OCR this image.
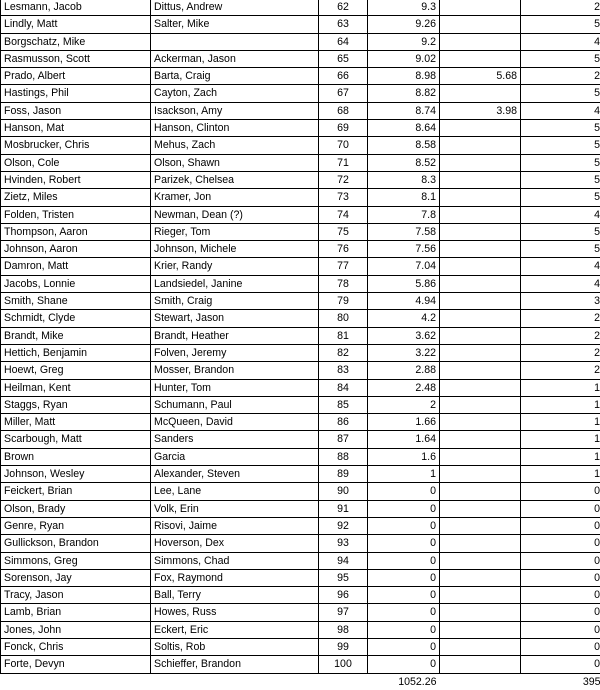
Lesmann, Jacob	Dittus, Andrew	62	9.3		2
Lindly, Matt	Salter, Mike	63	9.26		5
Borgschatz, Mike		64	9.2		4
Rasmusson, Scott	Ackerman, Jason	65	9.02		5
Prado, Albert	Barta, Craig	66	8.98	5.68	2
Hastings, Phil	Cayton, Zach	67	8.82		5
Foss, Jason	Isackson, Amy	68	8.74	3.98	4
Hanson, Mat	Hanson, Clinton	69	8.64		5
Mosbrucker, Chris	Mehus, Zach	70	8.58		5
Olson, Cole	Olson, Shawn	71	8.52		5
Hvinden, Robert	Parizek, Chelsea	72	8.3		5
Zietz, Miles	Kramer, Jon	73	8.1		5
Folden, Tristen	Newman, Dean (?)	74	7.8		4
Thompson, Aaron	Rieger, Tom	75	7.58		5
Johnson, Aaron	Johnson, Michele	76	7.56		5
Damron, Matt	Krier, Randy	77	7.04		4
Jacobs, Lonnie	Landsiedel, Janine	78	5.86		4
Smith, Shane	Smith, Craig	79	4.94		3
Schmidt, Clyde	Stewart, Jason	80	4.2		2
Brandt, Mike	Brandt, Heather	81	3.62		2
Hettich, Benjamin	Folven, Jeremy	82	3.22		2
Hoewt, Greg	Mosser, Brandon	83	2.88		2
Heilman, Kent	Hunter, Tom	84	2.48		1
Staggs, Ryan	Schumann, Paul	85	2		1
Miller, Matt	McQueen, David	86	1.66		1
Scarbough, Matt	Sanders	87	1.64		1
Brown	Garcia	88	1.6		1
Johnson, Wesley	Alexander, Steven	89	1		1
Feickert, Brian	Lee, Lane	90	0		0
Olson, Brady	Volk, Erin	91	0		0
Genre, Ryan	Risovi, Jaime	92	0		0
Gullickson, Brandon	Hoverson, Dex	93	0		0
Simmons, Greg	Simmons, Chad	94	0		0
Sorenson, Jay	Fox, Raymond	95	0		0
Tracy, Jason	Ball, Terry	96	0		0
Lamb, Brian	Howes, Russ	97	0		0
Jones, John	Eckert, Eric	98	0		0
Fonck, Chris	Soltis, Rob	99	0		0
Forte, Devyn	Schieffer, Brandon	100	0		0
			1052.26		395
